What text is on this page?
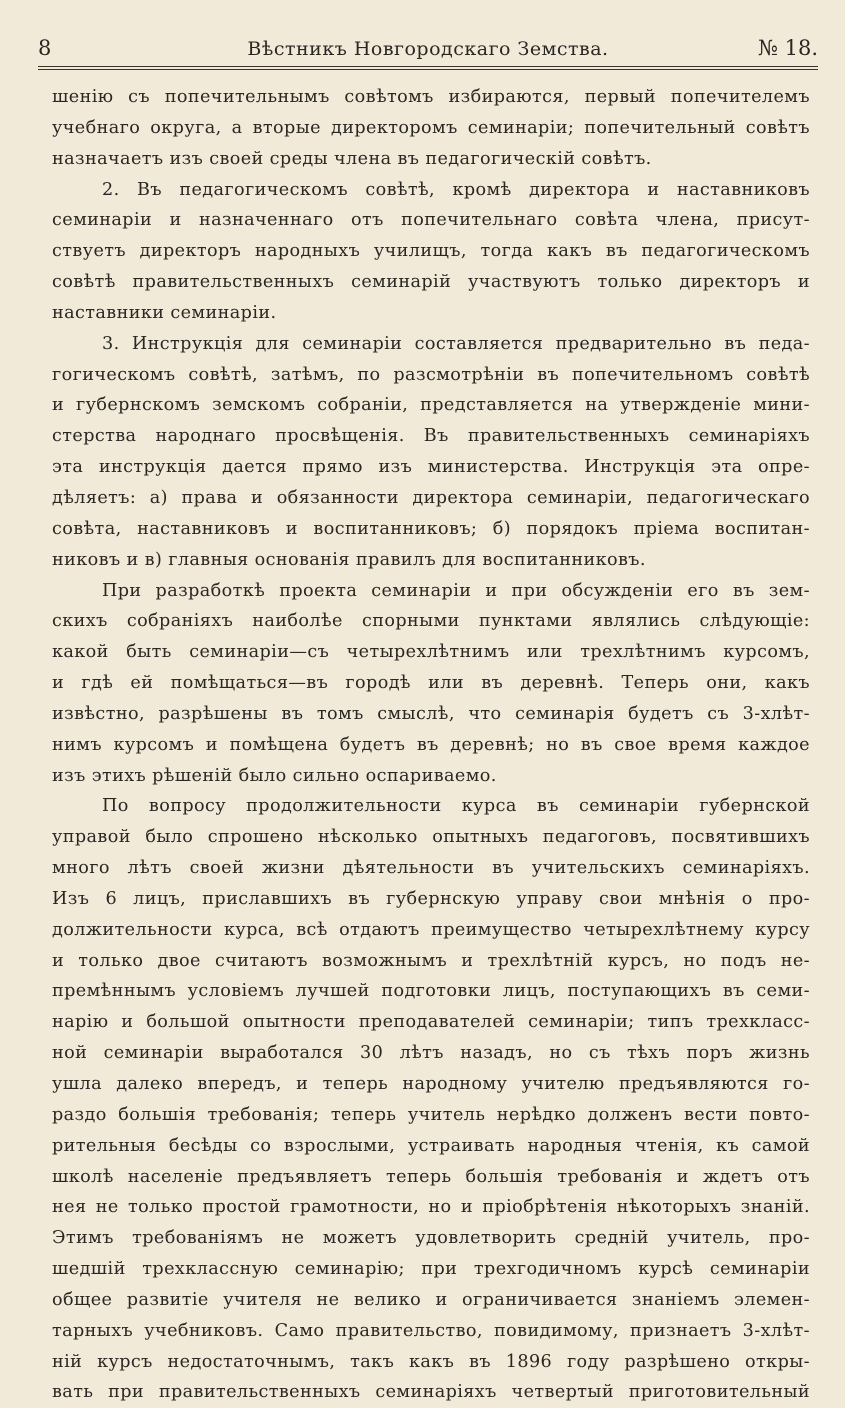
8	Вѣстникъ Новгородскаго Земства.	№ 18.
шенію съ попечительнымъ совѣтомъ избираются, первый попечителемъ
учебнаго округа, а вторые директоромъ семинаріи; попечительный совѣтъ
назначаетъ изъ своей среды члена въ педагогическій совѣтъ.
2. Въ педагогическомъ совѣтѣ, кромѣ директора и наставниковъ
семинаріи и назначеннаго отъ попечительнаго совѣта члена, присут-
ствуетъ директоръ народныхъ училищъ, тогда какъ въ педагогическомъ
совѣтѣ правительственныхъ семинарій участвуютъ только директоръ и
наставники семинаріи.
3. Инструкція для семинаріи составляется предварительно въ педа-
гогическомъ совѣтѣ, затѣмъ, по разсмотрѣніи въ попечительномъ совѣтѣ
и губернскомъ земскомъ собраніи, представляется на утвержденіе мини-
стерства народнаго просвѣщенія. Въ правительственныхъ семинаріяхъ
эта инструкція дается прямо изъ министерства. Инструкція эта опре-
дѣляетъ: а) права и обязанности директора семинаріи, педагогическаго
совѣта, наставниковъ и воспитанниковъ; б) порядокъ пріема воспитан-
никовъ и в) главныя основанія правилъ для воспитанниковъ.
При разработкѣ проекта семинаріи и при обсужденіи его въ зем-
скихъ собраніяхъ наиболѣе спорными пунктами являлись слѣдующіе:
какой быть семинаріи—съ четырехлѣтнимъ или трехлѣтнимъ курсомъ,
и гдѣ ей помѣщаться—въ городѣ или въ деревнѣ. Теперь они, какъ
извѣстно, разрѣшены въ томъ смыслѣ, что семинарія будетъ съ 3-хлѣт-
нимъ курсомъ и помѣщена будетъ въ деревнѣ; но въ свое время каждое
изъ этихъ рѣшеній было сильно оспариваемо.
По вопросу продолжительности курса въ семинаріи губернской
управой было спрошено нѣсколько опытныхъ педагоговъ, посвятившихъ
много лѣтъ своей жизни дѣятельности въ учительскихъ семинаріяхъ.
Изъ 6 лицъ, приславшихъ въ губернскую управу свои мнѣнія о про-
должительности курса, всѣ отдаютъ преимущество четырехлѣтнему курсу
и только двое считаютъ возможнымъ и трехлѣтній курсъ, но подъ не-
премѣннымъ условіемъ лучшей подготовки лицъ, поступающихъ въ семи-
нарію и большой опытности преподавателей семинаріи; типъ трехкласс-
ной семинаріи выработался 30 лѣтъ назадъ, но съ тѣхъ поръ жизнь
ушла далеко впередъ, и теперь народному учителю предъявляются го-
раздо большія требованія; теперь учитель нерѣдко долженъ вести повто-
рительныя бесѣды со взрослыми, устраивать народныя чтенія, къ самой
школѣ населеніе предъявляетъ теперь большія требованія и ждетъ отъ
нея не только простой грамотности, но и пріобрѣтенія нѣкоторыхъ знаній.
Этимъ требованіямъ не можетъ удовлетворить средній учитель, про-
шедшій трехклассную семинарію; при трехгодичномъ курсѣ семинаріи
общее развитіе учителя не велико и ограничивается знаніемъ элемен-
тарныхъ учебниковъ. Само правительство, повидимому, признаетъ 3-хлѣт-
ній курсъ недостаточнымъ, такъ какъ въ 1896 году разрѣшено откры-
вать при правительственныхъ семинаріяхъ четвертый приготовительный
